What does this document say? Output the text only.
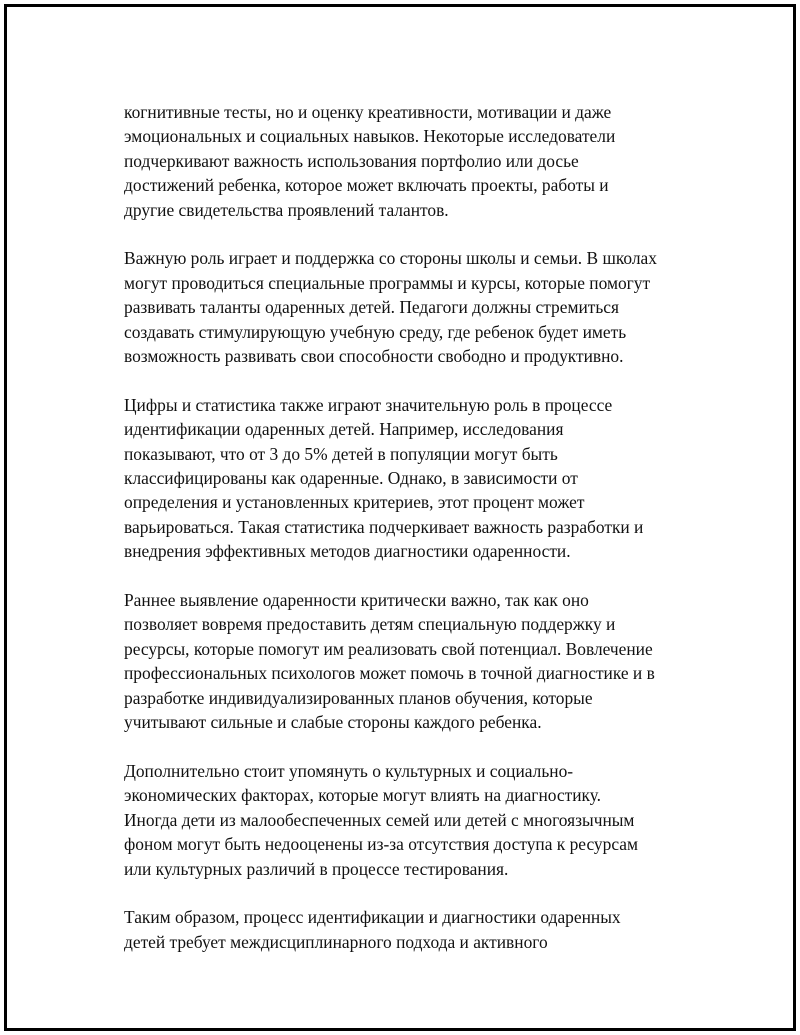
когнитивные тесты, но и оценку креативности, мотивации и даже
эмоциональных и социальных навыков. Некоторые исследователи
подчеркивают важность использования портфолио или досье
достижений ребенка, которое может включать проекты, работы и
другие свидетельства проявлений талантов.
Важную роль играет и поддержка со стороны школы и семьи. В школах
могут проводиться специальные программы и курсы, которые помогут
развивать таланты одаренных детей. Педагоги должны стремиться
создавать стимулирующую учебную среду, где ребенок будет иметь
возможность развивать свои способности свободно и продуктивно.
Цифры и статистика также играют значительную роль в процессе
идентификации одаренных детей. Например, исследования
показывают, что от 3 до 5% детей в популяции могут быть
классифицированы как одаренные. Однако, в зависимости от
определения и установленных критериев, этот процент может
варьироваться. Такая статистика подчеркивает важность разработки и
внедрения эффективных методов диагностики одаренности.
Раннее выявление одаренности критически важно, так как оно
позволяет вовремя предоставить детям специальную поддержку и
ресурсы, которые помогут им реализовать свой потенциал. Вовлечение
профессиональных психологов может помочь в точной диагностике и в
разработке индивидуализированных планов обучения, которые
учитывают сильные и слабые стороны каждого ребенка.
Дополнительно стоит упомянуть о культурных и социально-
экономических факторах, которые могут влиять на диагностику.
Иногда дети из малообеспеченных семей или детей с многоязычным
фоном могут быть недооценены из-за отсутствия доступа к ресурсам
или культурных различий в процессе тестирования.
Таким образом, процесс идентификации и диагностики одаренных
детей требует междисциплинарного подхода и активного
